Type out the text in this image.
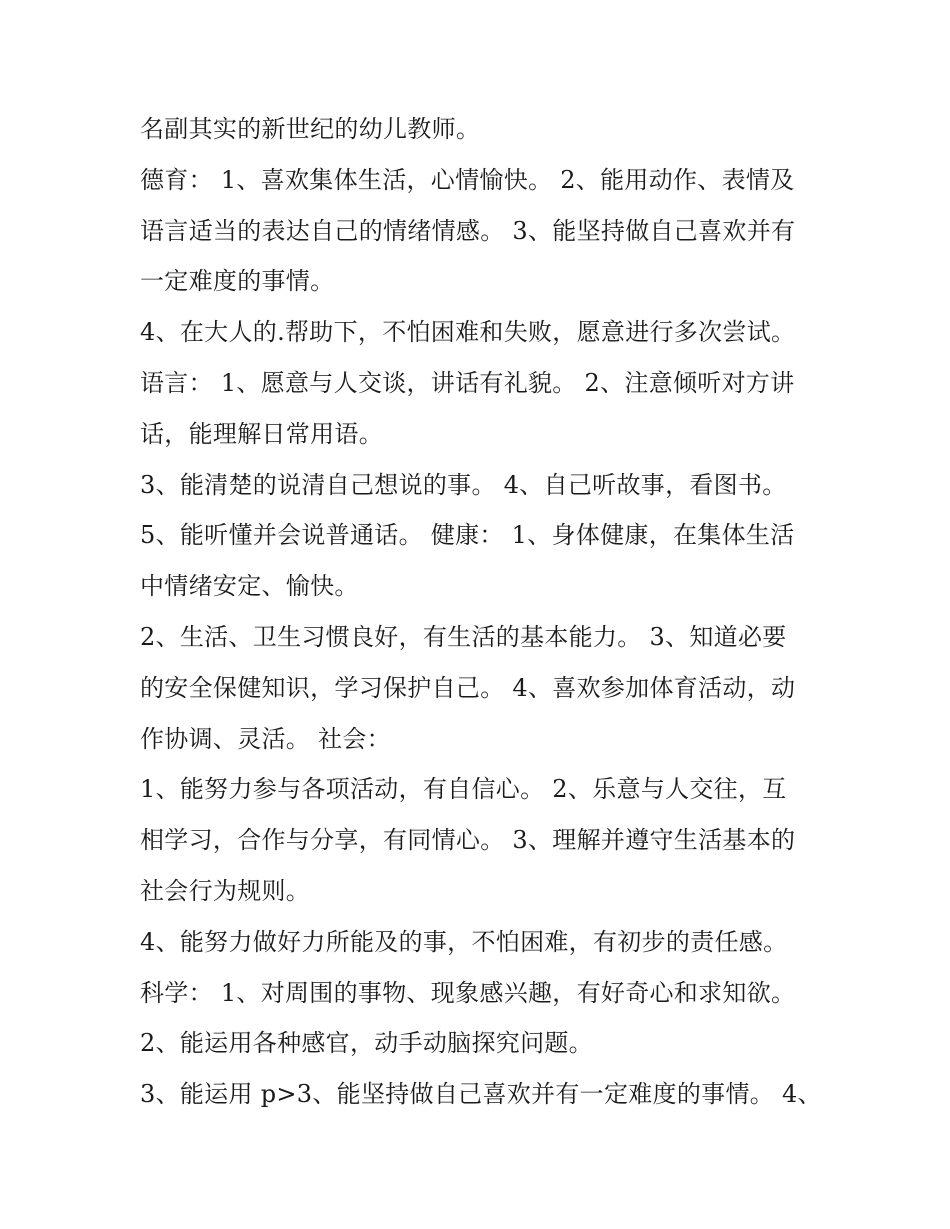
名副其实的新世纪的幼儿教师。
德育： 1、喜欢集体生活，心情愉快。 2、能用动作、表情及
语言适当的表达自己的情绪情感。 3、能坚持做自己喜欢并有
一定难度的事情。
4、在大人的.帮助下，不怕困难和失败，愿意进行多次尝试。
语言： 1、愿意与人交谈，讲话有礼貌。 2、注意倾听对方讲
话，能理解日常用语。
3、能清楚的说清自己想说的事。 4、自己听故事，看图书。
5、能听懂并会说普通话。 健康： 1、身体健康，在集体生活
中情绪安定、愉快。
2、生活、卫生习惯良好，有生活的基本能力。 3、知道必要
的安全保健知识，学习保护自己。 4、喜欢参加体育活动，动
作协调、灵活。 社会：
1、能努力参与各项活动，有自信心。 2、乐意与人交往，互
相学习，合作与分享，有同情心。 3、理解并遵守生活基本的
社会行为规则。
4、能努力做好力所能及的事，不怕困难，有初步的责任感。
科学： 1、对周围的事物、现象感兴趣，有好奇心和求知欲。
2、能运用各种感官，动手动脑探究问题。
3、能运用 p>3、能坚持做自己喜欢并有一定难度的事情。 4、
